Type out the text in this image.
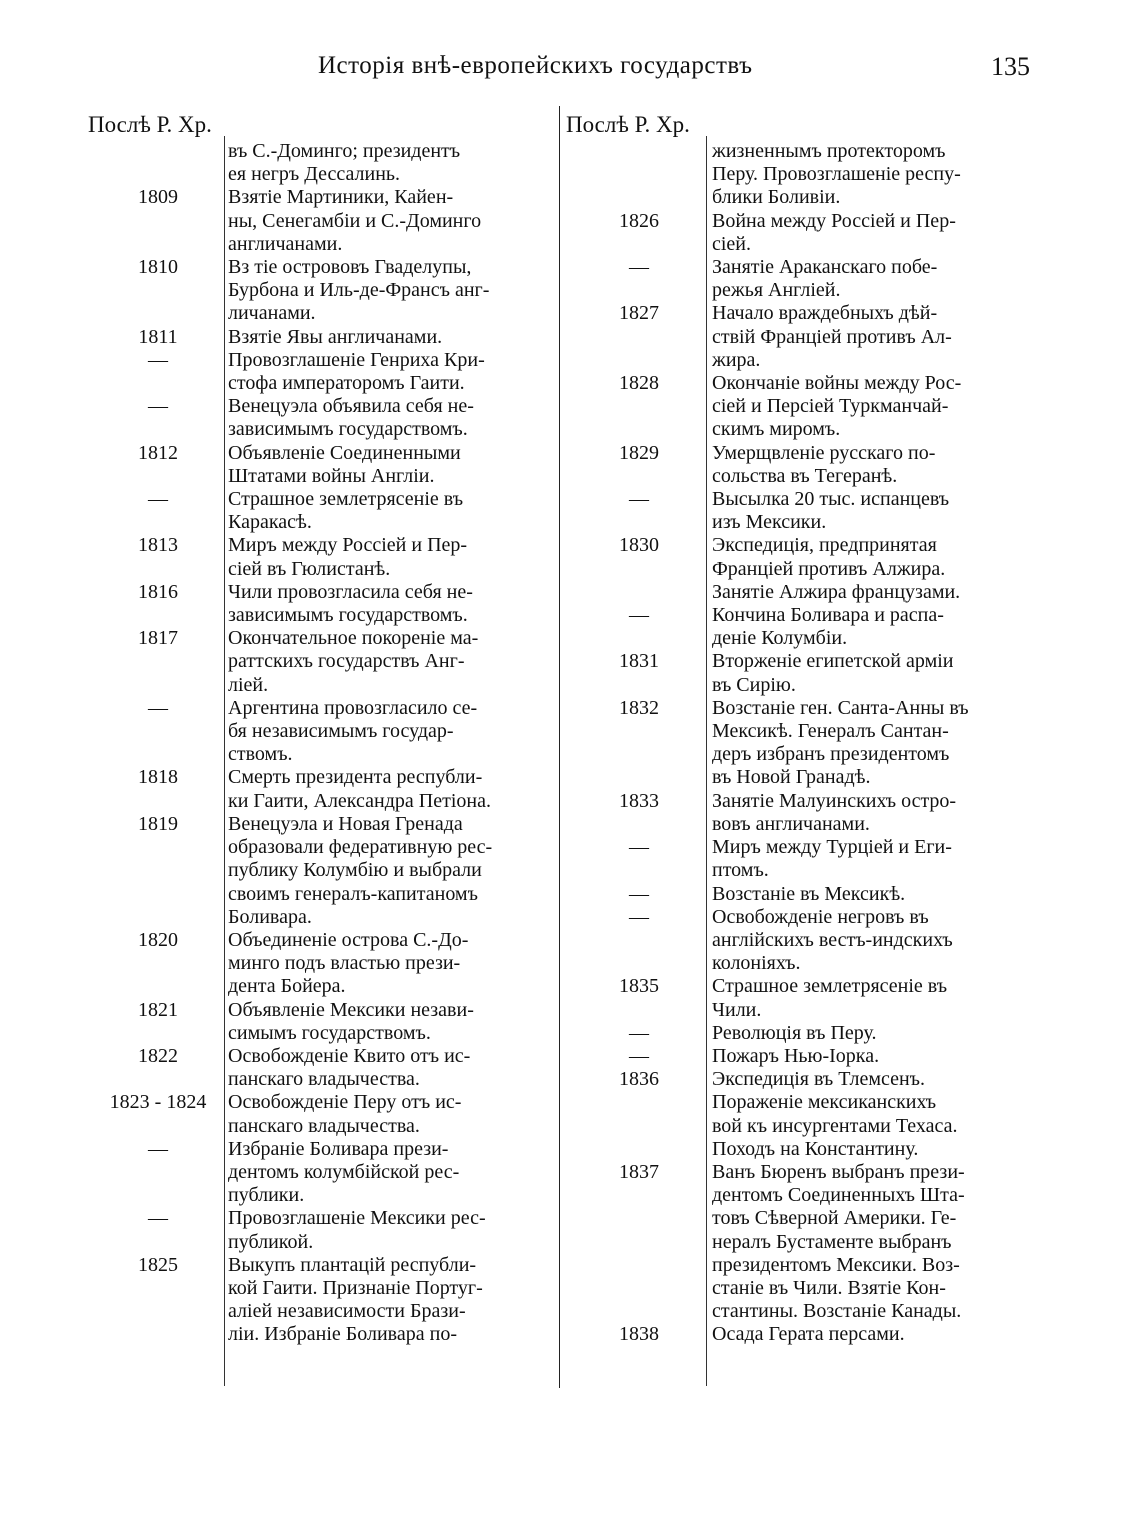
Исторія внѣ-европейскихъ государствъ	135
Послѣ Р. Хр.
въ С.-Доминго; президентъ
ея негръ Дессалинь.
1809	Взятіе Мартиники, Кайен-
ны, Сенегамбіи и С.-Доминго
англичанами.
1810	Вз тіе острововъ Гваделупы,
Бурбона и Иль-де-Франсъ анг-
личанами.
1811	Взятіе Явы англичанами.
—	Провозглашеніе Генриха Кри-
стофа императоромъ Гаити.
—	Венецуэла объявила себя не-
зависимымъ государствомъ.
1812	Объявленіе Соединенными
Штатами войны Англіи.
—	Страшное землетрясеніе въ
Каракасѣ.
1813	Миръ между Россіей и Пер-
сіей въ Гюлистанѣ.
1816	Чили провозгласила себя не-
зависимымъ государствомъ.
1817	Окончательное покореніе ма-
раттскихъ государствъ Анг-
ліей.
—	Аргентина провозгласило се-
бя независимымъ государ-
ствомъ.
1818	Смерть президента республи-
ки Гаити, Александра Петіона.
1819	Венецуэла и Новая Гренада
образовали федеративную рес-
публику Колумбію и выбрали
своимъ генералъ-капитаномъ
Боливара.
1820	Объединеніе острова С.-До-
минго подъ властью прези-
дента Бойера.
1821	Объявленіе Мексики незави-
симымъ государствомъ.
1822	Освобожденіе Квито отъ ис-
панскаго владычества.
1823 - 1824	Освобожденіе Перу отъ ис-
панскаго владычества.
—	Избраніе Боливара прези-
дентомъ колумбійской рес-
публики.
—	Провозглашеніе Мексики рес-
публикой.
1825	Выкупъ плантацій республи-
кой Гаити. Признаніе Португ-
аліей независимости Брази-
ліи. Избраніе Боливара по-
Послѣ Р. Хр.
жизненнымъ протекторомъ
Перу. Провозглашеніе респу-
блики Боливіи.
1826	Война между Россіей и Пер-
сіей.
—	Занятіе Араканскаго побе-
режья Англіей.
1827	Начало враждебныхъ дѣй-
ствій Франціей противъ Ал-
жира.
1828	Окончаніе войны между Рос-
сіей и Персіей Туркманчай-
скимъ миромъ.
1829	Умерщвленіе русскаго по-
сольства въ Тегеранѣ.
—	Высылка 20 тыс. испанцевъ
изъ Мексики.
1830	Экспедиція, предпринятая
Франціей противъ Алжира.
Занятіе Алжира французами.
—	Кончина Боливара и распа-
деніе Колумбіи.
1831	Вторженіе египетской арміи
въ Сирію.
1832	Возстаніе ген. Санта-Анны въ
Мексикѣ. Генералъ Сантан-
деръ избранъ президентомъ
въ Новой Гранадѣ.
1833	Занятіе Малуинскихъ остро-
вовъ англичанами.
—	Миръ между Турціей и Еги-
птомъ.
—	Возстаніе въ Мексикѣ.
—	Освобожденіе негровъ въ
англійскихъ вестъ-индскихъ
колоніяхъ.
1835	Страшное землетрясеніе въ
Чили.
—	Революція въ Перу.
—	Пожаръ Нью-Іорка.
1836	Экспедиція въ Тлемсенъ.
Пораженіе мексиканскихъ
вой къ инсургентами Техаса.
Походъ на Константину.
1837	Ванъ Бюренъ выбранъ прези-
дентомъ Соединенныхъ Шта-
товъ Сѣверной Америки. Ге-
нералъ Бустаменте выбранъ
президентомъ Мексики. Воз-
станіе въ Чили. Взятіе Кон-
стантины. Возстаніе Канады.
1838	Осада Герата персами.
